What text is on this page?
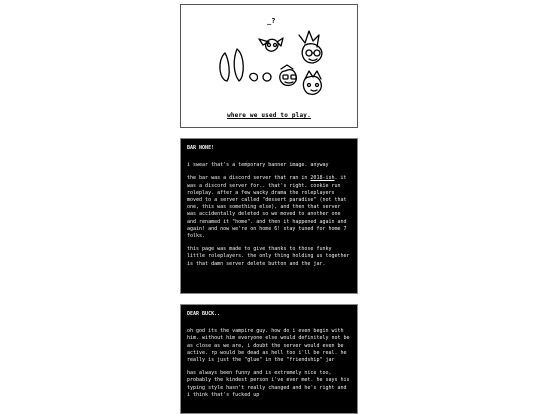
_?
where we used to play.

BAR NONE!

i swear that's a temporary banner image. anyway

the bar was a discord server that ran in 2018-ish. it was a discord server for.. that's right. cookie run roleplay. after a few wacky drama the roleplayers moved to a server called "dessert paradise" (not that one, this was something else), and then that server was accidentally deleted so we moved to another one and renamed it "home". and then it happened again and again! and now we're on home 6! stay tuned for home 7 folks.

this page was made to give thanks to those funky little roleplayers. the only thing holding us together is that damn server delete button and the jar.

DEAR BUCK..

oh god its the vampire guy. how do i even begin with him. without him everyone else would definitely not be as close as we are, i doubt the server would even be active. rp would be dead as hell too i'll be real. he really is just the "glue" in the "friendship" jar

has always been funny and is extremely nice too, probably the kindest person i've ever met. he says his typing style hasn't really changed and he's right and i think that's fucked up
